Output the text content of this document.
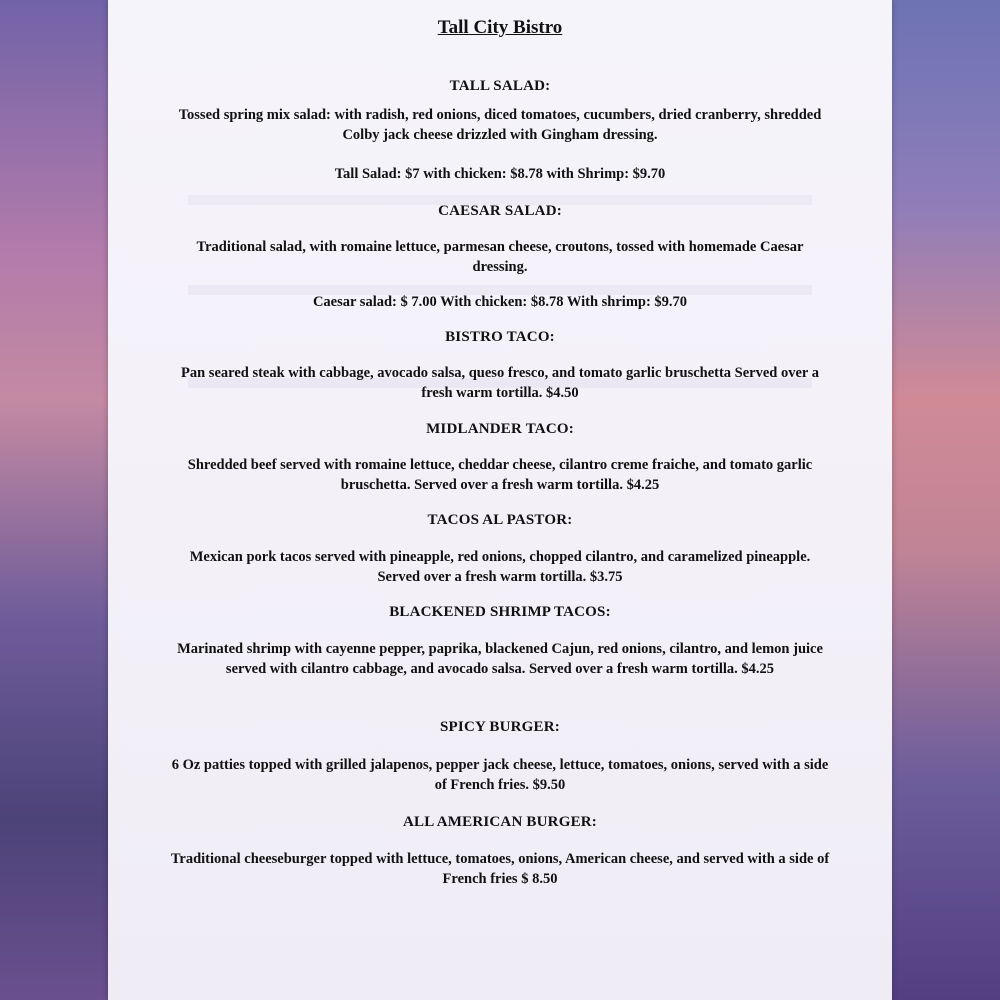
Tall City Bistro
TALL SALAD:
Tossed spring mix salad: with radish, red onions, diced tomatoes, cucumbers, dried cranberry, shredded Colby jack cheese drizzled with Gingham dressing.
Tall Salad: $7 with chicken: $8.78 with Shrimp: $9.70
CAESAR SALAD:
Traditional salad, with romaine lettuce, parmesan cheese, croutons, tossed with homemade Caesar dressing.
Caesar salad: $ 7.00 With chicken: $8.78 With shrimp: $9.70
BISTRO TACO:
Pan seared steak with cabbage, avocado salsa, queso fresco, and tomato garlic bruschetta Served over a fresh warm tortilla. $4.50
MIDLANDER TACO:
Shredded beef served with romaine lettuce, cheddar cheese, cilantro creme fraiche, and tomato garlic bruschetta. Served over a fresh warm tortilla. $4.25
TACOS AL PASTOR:
Mexican pork tacos served with pineapple, red onions, chopped cilantro, and caramelized pineapple. Served over a fresh warm tortilla. $3.75
BLACKENED SHRIMP TACOS:
Marinated shrimp with cayenne pepper, paprika, blackened Cajun, red onions, cilantro, and lemon juice served with cilantro cabbage, and avocado salsa. Served over a fresh warm tortilla. $4.25
SPICY BURGER:
6 Oz patties topped with grilled jalapenos, pepper jack cheese, lettuce, tomatoes, onions, served with a side of French fries. $9.50
ALL AMERICAN BURGER:
Traditional cheeseburger topped with lettuce, tomatoes, onions, American cheese, and served with a side of French fries $ 8.50
